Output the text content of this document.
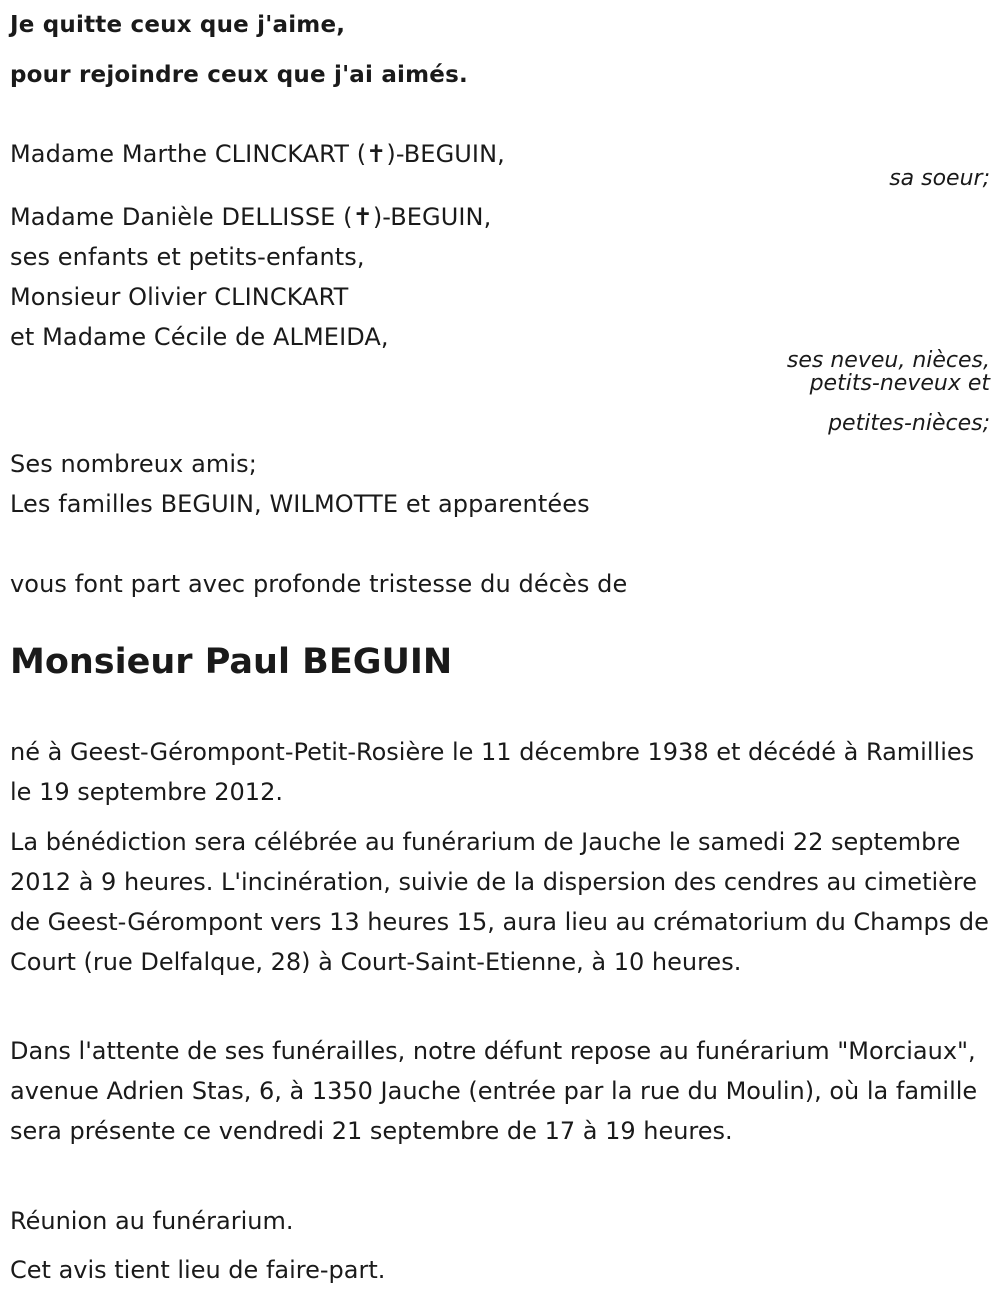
Je quitte ceux que j'aime,
pour rejoindre ceux que j'ai aimés.
Madame Marthe CLINCKART (✝)-BEGUIN,
sa soeur;
Madame Danièle DELLISSE (✝)-BEGUIN,
ses enfants et petits-enfants,
Monsieur Olivier CLINCKART
et Madame Cécile de ALMEIDA,
ses neveu, nièces,
petits-neveux et
petites-nièces;
Ses nombreux amis;
Les familles BEGUIN, WILMOTTE et apparentées
vous font part avec profonde tristesse du décès de
Monsieur Paul BEGUIN
né à Geest-Gérompont-Petit-Rosière le 11 décembre 1938 et décédé à Ramillies le 19 septembre 2012.
La bénédiction sera célébrée au funérarium de Jauche le samedi 22 septembre 2012 à 9 heures. L'incinération, suivie de la dispersion des cendres au cimetière de Geest-Gérompont vers 13 heures 15, aura lieu au crématorium du Champs de Court (rue Delfalque, 28) à Court-Saint-Etienne, à 10 heures.
Dans l'attente de ses funérailles, notre défunt repose au funérarium "Morciaux", avenue Adrien Stas, 6, à 1350 Jauche (entrée par la rue du Moulin), où la famille sera présente ce vendredi 21 septembre de 17 à 19 heures.
Réunion au funérarium.
Cet avis tient lieu de faire-part.
